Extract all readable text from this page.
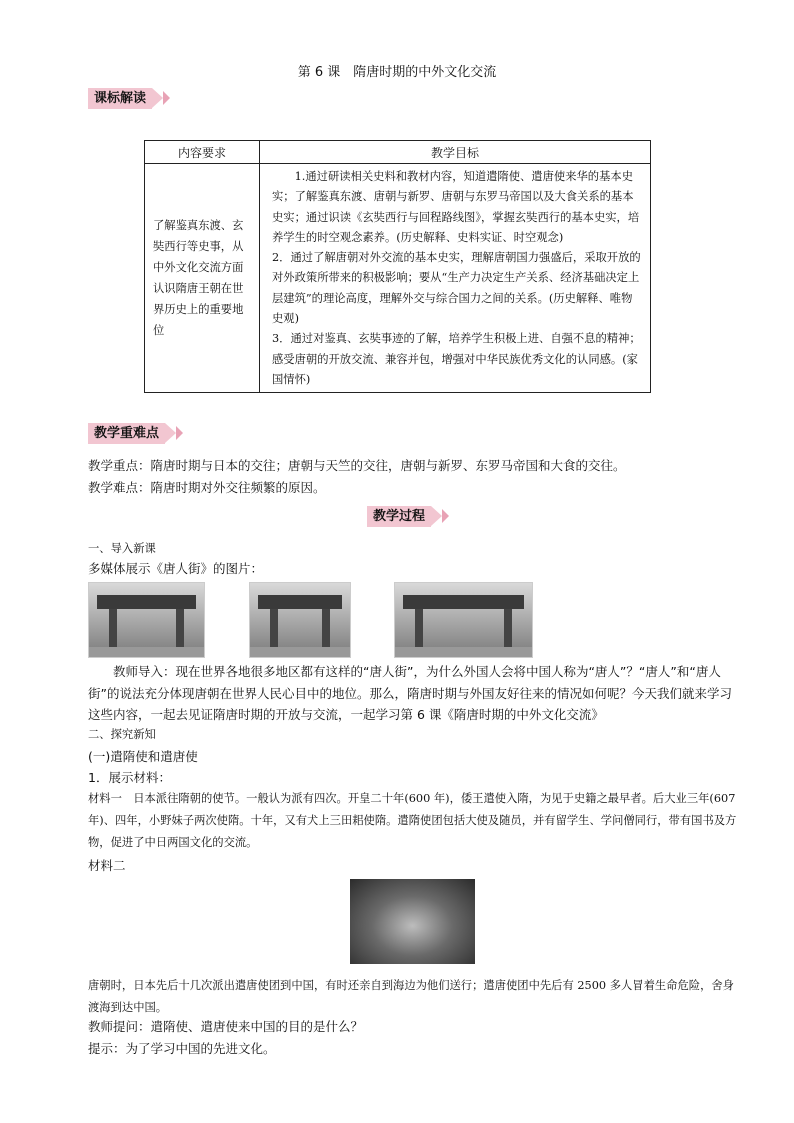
第 6 课　隋唐时期的中外文化交流
课标解读
内容要求	教学目标
了解鉴真东渡、玄奘西行等史事，从中外文化交流方面认识隋唐王朝在世界历史上的重要地位	1.通过研读相关史料和教材内容，知道遣隋使、遣唐使来华的基本史实；了解鉴真东渡、唐朝与新罗、唐朝与东罗马帝国以及大食关系的基本史实；通过识读《玄奘西行与回程路线图》，掌握玄奘西行的基本史实，培养学生的时空观念素养。(历史解释、史料实证、时空观念)

2．通过了解唐朝对外交流的基本史实，理解唐朝国力强盛后，采取开放的对外政策所带来的积极影响；要从“生产力决定生产关系、经济基础决定上层建筑”的理论高度，理解外交与综合国力之间的关系。(历史解释、唯物史观)

3．通过对鉴真、玄奘事迹的了解，培养学生积极上进、自强不息的精神；感受唐朝的开放交流、兼容并包，增强对中华民族优秀文化的认同感。(家国情怀)

教学重难点
教学重点：隋唐时期与日本的交往；唐朝与天竺的交往，唐朝与新罗、东罗马帝国和大食的交往。
教学难点：隋唐时期对外交往频繁的原因。
教学过程
一、导入新课
多媒体展示《唐人街》的图片：
教师导入：现在世界各地很多地区都有这样的“唐人街”，为什么外国人会将中国人称为“唐人”？“唐人”和“唐人街”的说法充分体现唐朝在世界人民心目中的地位。那么，隋唐时期与外国友好往来的情况如何呢？今天我们就来学习这些内容，一起去见证隋唐时期的开放与交流，一起学习第 6 课《隋唐时期的中外文化交流》
二、探究新知
(一)遣隋使和遣唐使
1．展示材料：
材料一　日本派往隋朝的使节。一般认为派有四次。开皇二十年(600 年)，倭王遣使入隋，为见于史籍之最早者。后大业三年(607 年)、四年，小野妹子两次使隋。十年，又有犬上三田耜使隋。遣隋使团包括大使及随员，并有留学生、学问僧同行，带有国书及方物，促进了中日两国文化的交流。
材料二
唐朝时，日本先后十几次派出遣唐使团到中国，有时还亲自到海边为他们送行；遣唐使团中先后有 2500 多人冒着生命危险，舍身渡海到达中国。
教师提问：遣隋使、遣唐使来中国的目的是什么？
提示：为了学习中国的先进文化。
